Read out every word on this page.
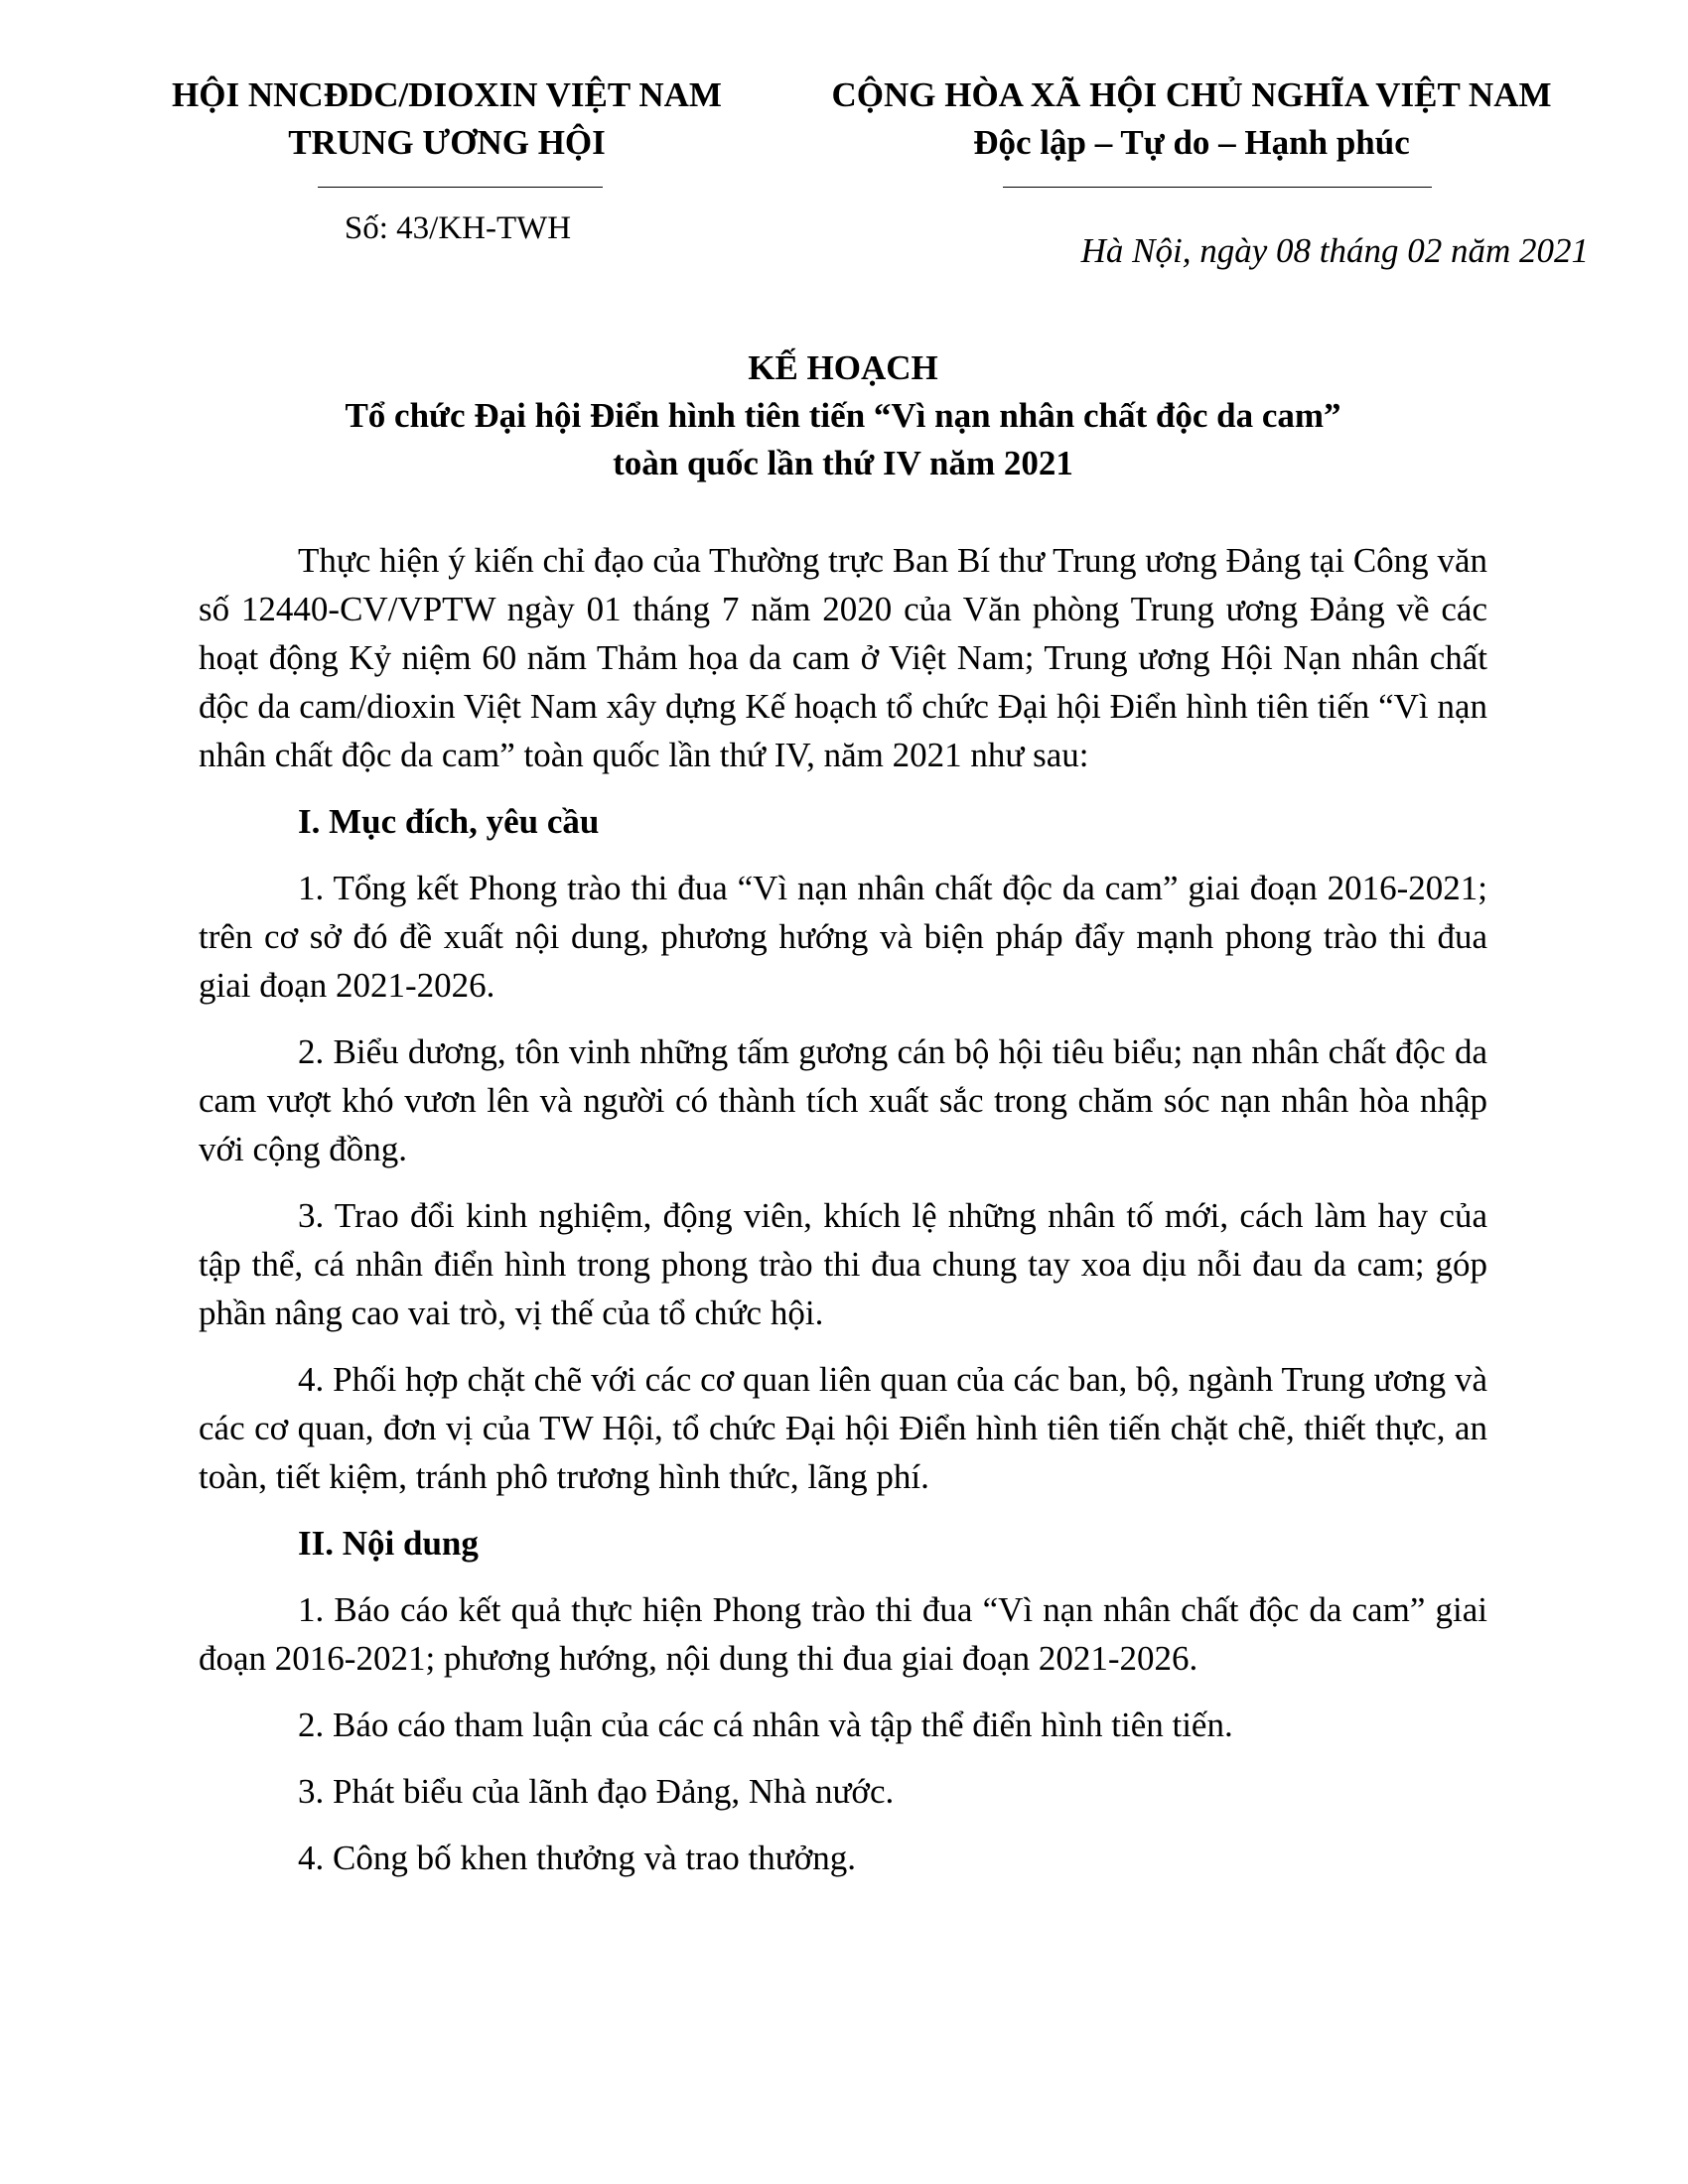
HỘI NNCĐDC/DIOXIN VIỆT NAM
TRUNG ƯƠNG HỘI
CỘNG HÒA XÃ HỘI CHỦ NGHĨA VIỆT NAM
Độc lập – Tự do – Hạnh phúc
Số: 43/KH-TWH
Hà Nội, ngày 08 tháng 02 năm 2021
KẾ HOẠCH
Tổ chức Đại hội Điển hình tiên tiến “Vì nạn nhân chất độc da cam”
toàn quốc lần thứ IV năm 2021

Thực hiện ý kiến chỉ đạo của Thường trực Ban Bí thư Trung ương Đảng tại Công văn số 12440-CV/VPTW ngày 01 tháng 7 năm 2020 của Văn phòng Trung ương Đảng về các hoạt động Kỷ niệm 60 năm Thảm họa da cam ở Việt Nam; Trung ương Hội Nạn nhân chất độc da cam/dioxin Việt Nam xây dựng Kế hoạch tổ chức Đại hội Điển hình tiên tiến “Vì nạn nhân chất độc da cam” toàn quốc lần thứ IV, năm 2021 như sau:

I. Mục đích, yêu cầu

1. Tổng kết Phong trào thi đua “Vì nạn nhân chất độc da cam” giai đoạn 2016-2021; trên cơ sở đó đề xuất nội dung, phương hướng và biện pháp đẩy mạnh phong trào thi đua giai đoạn 2021-2026.

2. Biểu dương, tôn vinh những tấm gương cán bộ hội tiêu biểu; nạn nhân chất độc da cam vượt khó vươn lên và người có thành tích xuất sắc trong chăm sóc nạn nhân hòa nhập với cộng đồng.

3. Trao đổi kinh nghiệm, động viên, khích lệ những nhân tố mới, cách làm hay của tập thể, cá nhân điển hình trong phong trào thi đua chung tay xoa dịu nỗi đau da cam; góp phần nâng cao vai trò, vị thế của tổ chức hội.

4. Phối hợp chặt chẽ với các cơ quan liên quan của các ban, bộ, ngành Trung ương và các cơ quan, đơn vị của TW Hội, tổ chức Đại hội Điển hình tiên tiến chặt chẽ, thiết thực, an toàn, tiết kiệm, tránh phô trương hình thức, lãng phí.

II. Nội dung

1. Báo cáo kết quả thực hiện Phong trào thi đua “Vì nạn nhân chất độc da cam” giai đoạn 2016-2021; phương hướng, nội dung thi đua giai đoạn 2021-2026.

2. Báo cáo tham luận của các cá nhân và tập thể điển hình tiên tiến.

3. Phát biểu của lãnh đạo Đảng, Nhà nước.

4. Công bố khen thưởng và trao thưởng.
